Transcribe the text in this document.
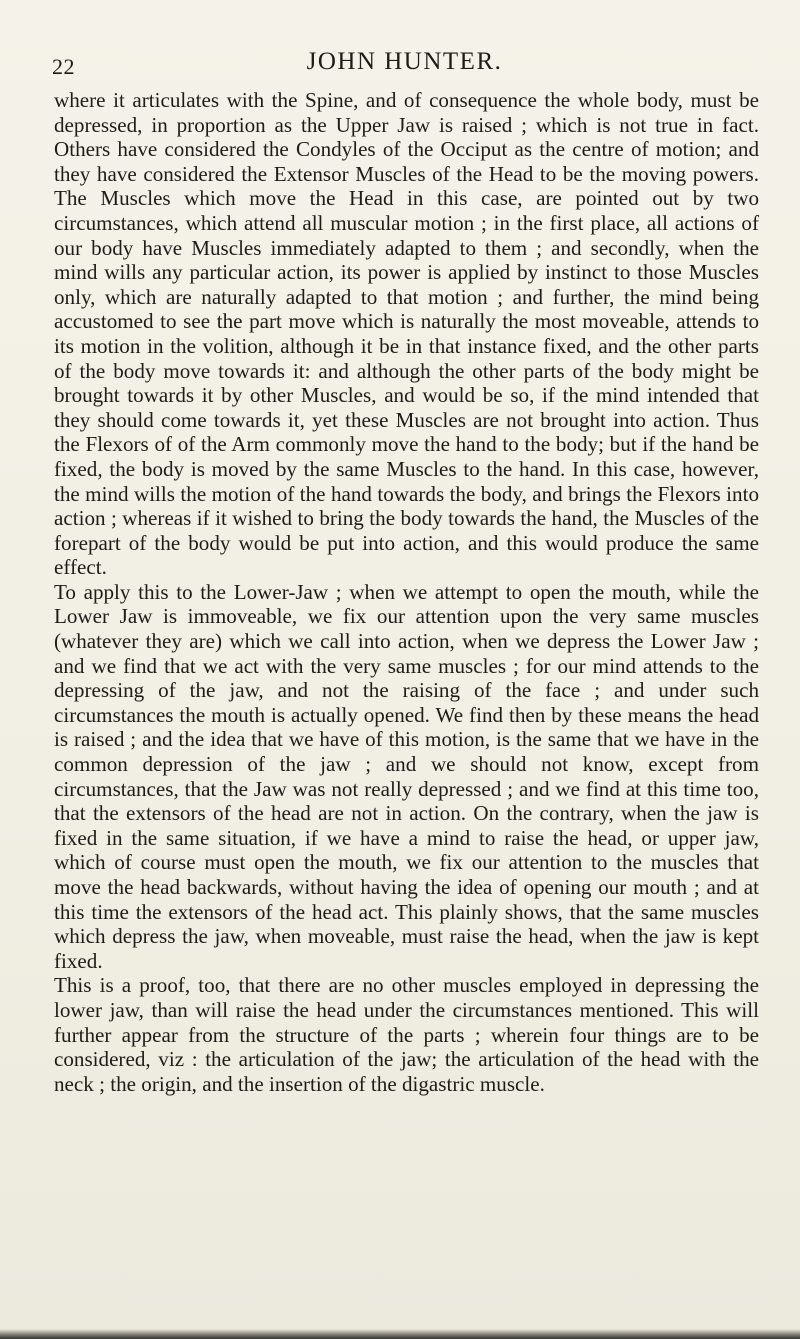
22	JOHN HUNTER.

where it articulates with the Spine, and of consequence the whole body, must be depressed, in proportion as the Upper Jaw is raised ; which is not true in fact. Others have considered the Condyles of the Occiput as the centre of motion; and they have considered the Extensor Muscles of the Head to be the moving powers. The Muscles which move the Head in this case, are pointed out by two circumstances, which attend all muscular motion ; in the first place, all actions of our body have Muscles immediately adapted to them ; and secondly, when the mind wills any particular action, its power is applied by instinct to those Muscles only, which are naturally adapted to that motion ; and further, the mind being accustomed to see the part move which is naturally the most moveable, attends to its motion in the volition, although it be in that instance fixed, and the other parts of the body move towards it: and although the other parts of the body might be brought towards it by other Muscles, and would be so, if the mind intended that they should come towards it, yet these Muscles are not brought into action. Thus the Flexors of of the Arm commonly move the hand to the body; but if the hand be fixed, the body is moved by the same Muscles to the hand. In this case, however, the mind wills the motion of the hand towards the body, and brings the Flexors into action ; whereas if it wished to bring the body towards the hand, the Muscles of the forepart of the body would be put into action, and this would produce the same effect.

To apply this to the Lower-Jaw ; when we attempt to open the mouth, while the Lower Jaw is immoveable, we fix our attention upon the very same muscles (whatever they are) which we call into action, when we depress the Lower Jaw ; and we find that we act with the very same muscles ; for our mind attends to the depressing of the jaw, and not the raising of the face ; and under such circumstances the mouth is actually opened. We find then by these means the head is raised ; and the idea that we have of this motion, is the same that we have in the common depression of the jaw ; and we should not know, except from circumstances, that the Jaw was not really depressed ; and we find at this time too, that the extensors of the head are not in action. On the contrary, when the jaw is fixed in the same situation, if we have a mind to raise the head, or upper jaw, which of course must open the mouth, we fix our attention to the muscles that move the head backwards, without having the idea of opening our mouth ; and at this time the extensors of the head act. This plainly shows, that the same muscles which depress the jaw, when moveable, must raise the head, when the jaw is kept fixed.

This is a proof, too, that there are no other muscles employed in depressing the lower jaw, than will raise the head under the circumstances mentioned. This will further appear from the structure of the parts ; wherein four things are to be considered, viz : the articulation of the jaw; the articulation of the head with the neck ; the origin, and the insertion of the digastric muscle.
